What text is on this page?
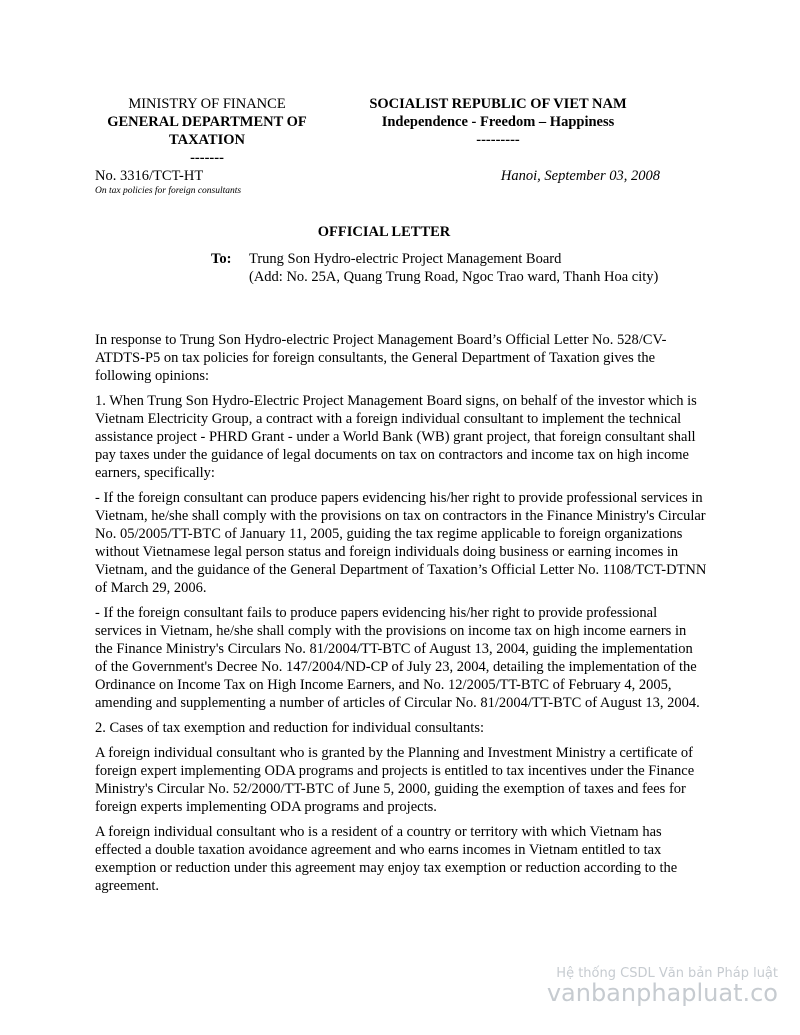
MINISTRY OF FINANCE
GENERAL DEPARTMENT OF
TAXATION
-------
SOCIALIST REPUBLIC OF VIET NAM
Independence - Freedom – Happiness
---------
No. 3316/TCT-HT
On tax policies for foreign consultants
Hanoi, September 03, 2008
OFFICIAL LETTER
To: Trung Son Hydro-electric Project Management Board
(Add: No. 25A, Quang Trung Road, Ngoc Trao ward, Thanh Hoa city)

In response to Trung Son Hydro-electric Project Management Board’s Official Letter No. 528/CV-ATDTS-P5 on tax policies for foreign consultants, the General Department of Taxation gives the following opinions:

1. When Trung Son Hydro-Electric Project Management Board signs, on behalf of the investor which is Vietnam Electricity Group, a contract with a foreign individual consultant to implement the technical assistance project - PHRD Grant - under a World Bank (WB) grant project, that foreign consultant shall pay taxes under the guidance of legal documents on tax on contractors and income tax on high income earners, specifically:

- If the foreign consultant can produce papers evidencing his/her right to provide professional services in Vietnam, he/she shall comply with the provisions on tax on contractors in the Finance Ministry's Circular No. 05/2005/TT-BTC of January 11, 2005, guiding the tax regime applicable to foreign organizations without Vietnamese legal person status and foreign individuals doing business or earning incomes in Vietnam, and the guidance of the General Department of Taxation’s Official Letter No. 1108/TCT-DTNN of March 29, 2006.

- If the foreign consultant fails to produce papers evidencing his/her right to provide professional services in Vietnam, he/she shall comply with the provisions on income tax on high income earners in the Finance Ministry's Circulars No. 81/2004/TT-BTC of August 13, 2004, guiding the implementation of the Government's Decree No. 147/2004/ND-CP of July 23, 2004, detailing the implementation of the Ordinance on Income Tax on High Income Earners, and No. 12/2005/TT-BTC of February 4, 2005, amending and supplementing a number of articles of Circular No. 81/2004/TT-BTC of August 13, 2004.

2. Cases of tax exemption and reduction for individual consultants:

A foreign individual consultant who is granted by the Planning and Investment Ministry a certificate of foreign expert implementing ODA programs and projects is entitled to tax incentives under the Finance Ministry's Circular No. 52/2000/TT-BTC of June 5, 2000, guiding the exemption of taxes and fees for foreign experts implementing ODA programs and projects.

A foreign individual consultant who is a resident of a country or territory with which Vietnam has effected a double taxation avoidance agreement and who earns incomes in Vietnam entitled to tax exemption or reduction under this agreement may enjoy tax exemption or reduction according to the agreement.

Hệ thống CSDL Văn bản Pháp luật
vanbanphapluat.co
